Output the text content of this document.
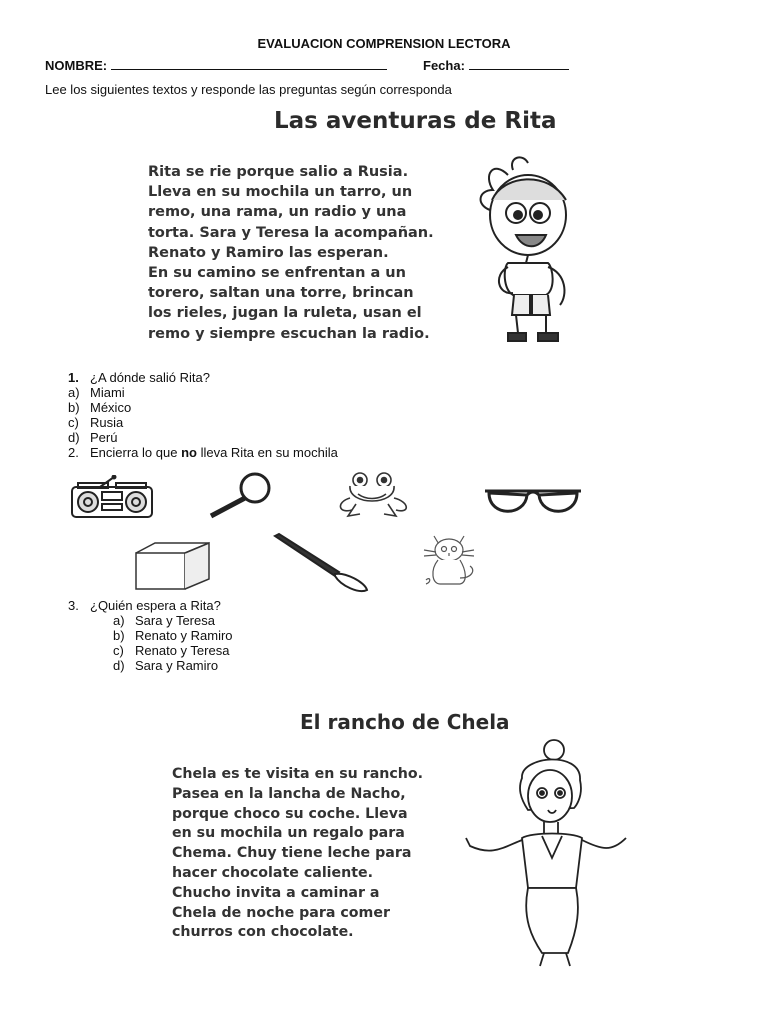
EVALUACION COMPRENSION LECTORA
NOMBRE:	Fecha:
Lee los siguientes textos y responde las preguntas según corresponda
Las aventuras de Rita
Rita se rie porque salio a Rusia.
Lleva en su mochila un tarro, un
remo, una rama, un radio y una
torta. Sara y Teresa la acompañan.
Renato y Ramiro las esperan.
En su camino se enfrentan a un
torero, saltan una torre, brincan
los rieles, jugan la ruleta, usan el
remo y siempre escuchan la radio.
1. ¿A dónde salió Rita?
a) Miami
b) México
c) Rusia
d) Perú
2. Encierra lo que no lleva Rita en su mochila
3. ¿Quién espera a Rita?
a) Sara y Teresa
b) Renato y Ramiro
c) Renato y Teresa
d) Sara y Ramiro
El rancho de Chela
Chela es te visita en su rancho.
Pasea en la lancha de Nacho,
porque choco su coche. Lleva
en su mochila un regalo para
Chema. Chuy tiene leche para
hacer chocolate caliente.
Chucho invita a caminar a
Chela de noche para comer
churros con chocolate.
